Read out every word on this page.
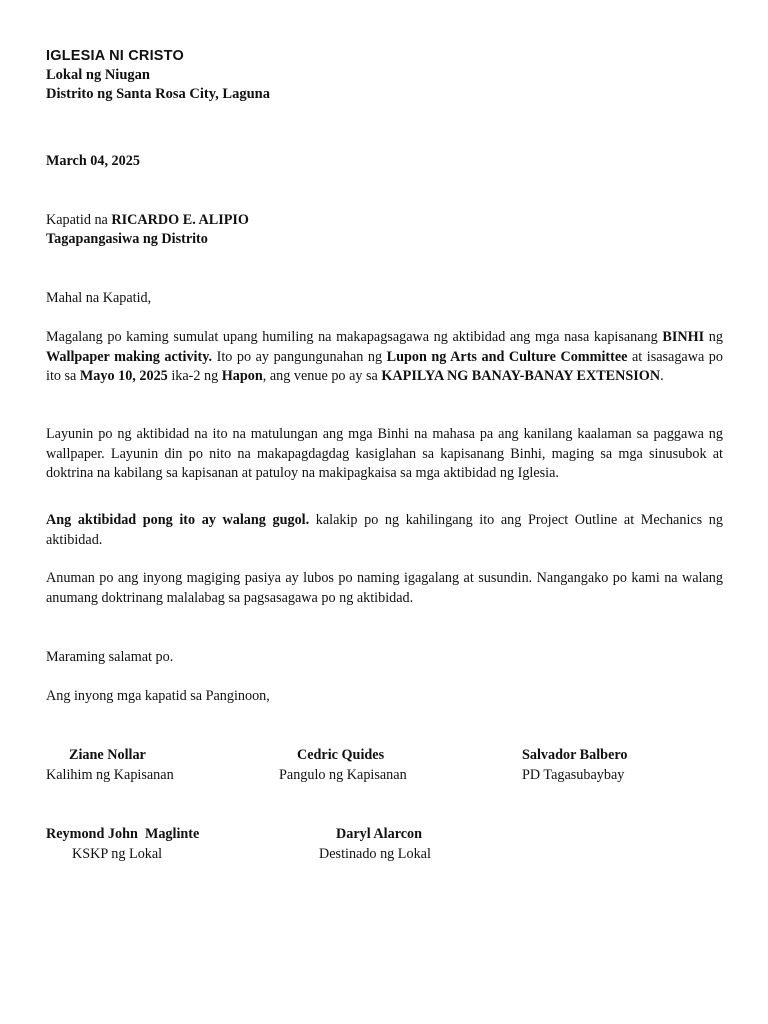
IGLESIA NI CRISTO
Lokal ng Niugan
Distrito ng Santa Rosa City, Laguna
March 04, 2025
Kapatid na RICARDO E. ALIPIO
Tagapangasiwa ng Distrito
Mahal na Kapatid,
Magalang po kaming sumulat upang humiling na makapagsagawa ng aktibidad ang mga nasa kapisanang BINHI ng Wallpaper making activity. Ito po ay pangungunahan ng Lupon ng Arts and Culture Committee at isasagawa po ito sa Mayo 10, 2025 ika-2 ng Hapon, ang venue po ay sa KAPILYA NG BANAY-BANAY EXTENSION.
Layunin po ng aktibidad na ito na matulungan ang mga Binhi na mahasa pa ang kanilang kaalaman sa paggawa ng wallpaper. Layunin din po nito na makapagdagdag kasiglahan sa kapisanang Binhi, maging sa mga sinusubok at doktrina na kabilang sa kapisanan at patuloy na makipagkaisa sa mga aktibidad ng Iglesia.
Ang aktibidad pong ito ay walang gugol. kalakip po ng kahilingang ito ang Project Outline at Mechanics ng aktibidad.
Anuman po ang inyong magiging pasiya ay lubos po naming igagalang at susundin. Nangangako po kami na walang anumang doktrinang malalabag sa pagsasagawa po ng aktibidad.
Maraming salamat po.
Ang inyong mga kapatid sa Panginoon,
Ziane Nollar
Kalihim ng Kapisanan
Cedric Quides
Pangulo ng Kapisanan
Salvador Balbero
PD Tagasubaybay
Reymond John  Maglinte
KSKP ng Lokal
Daryl Alarcon
Destinado ng Lokal
